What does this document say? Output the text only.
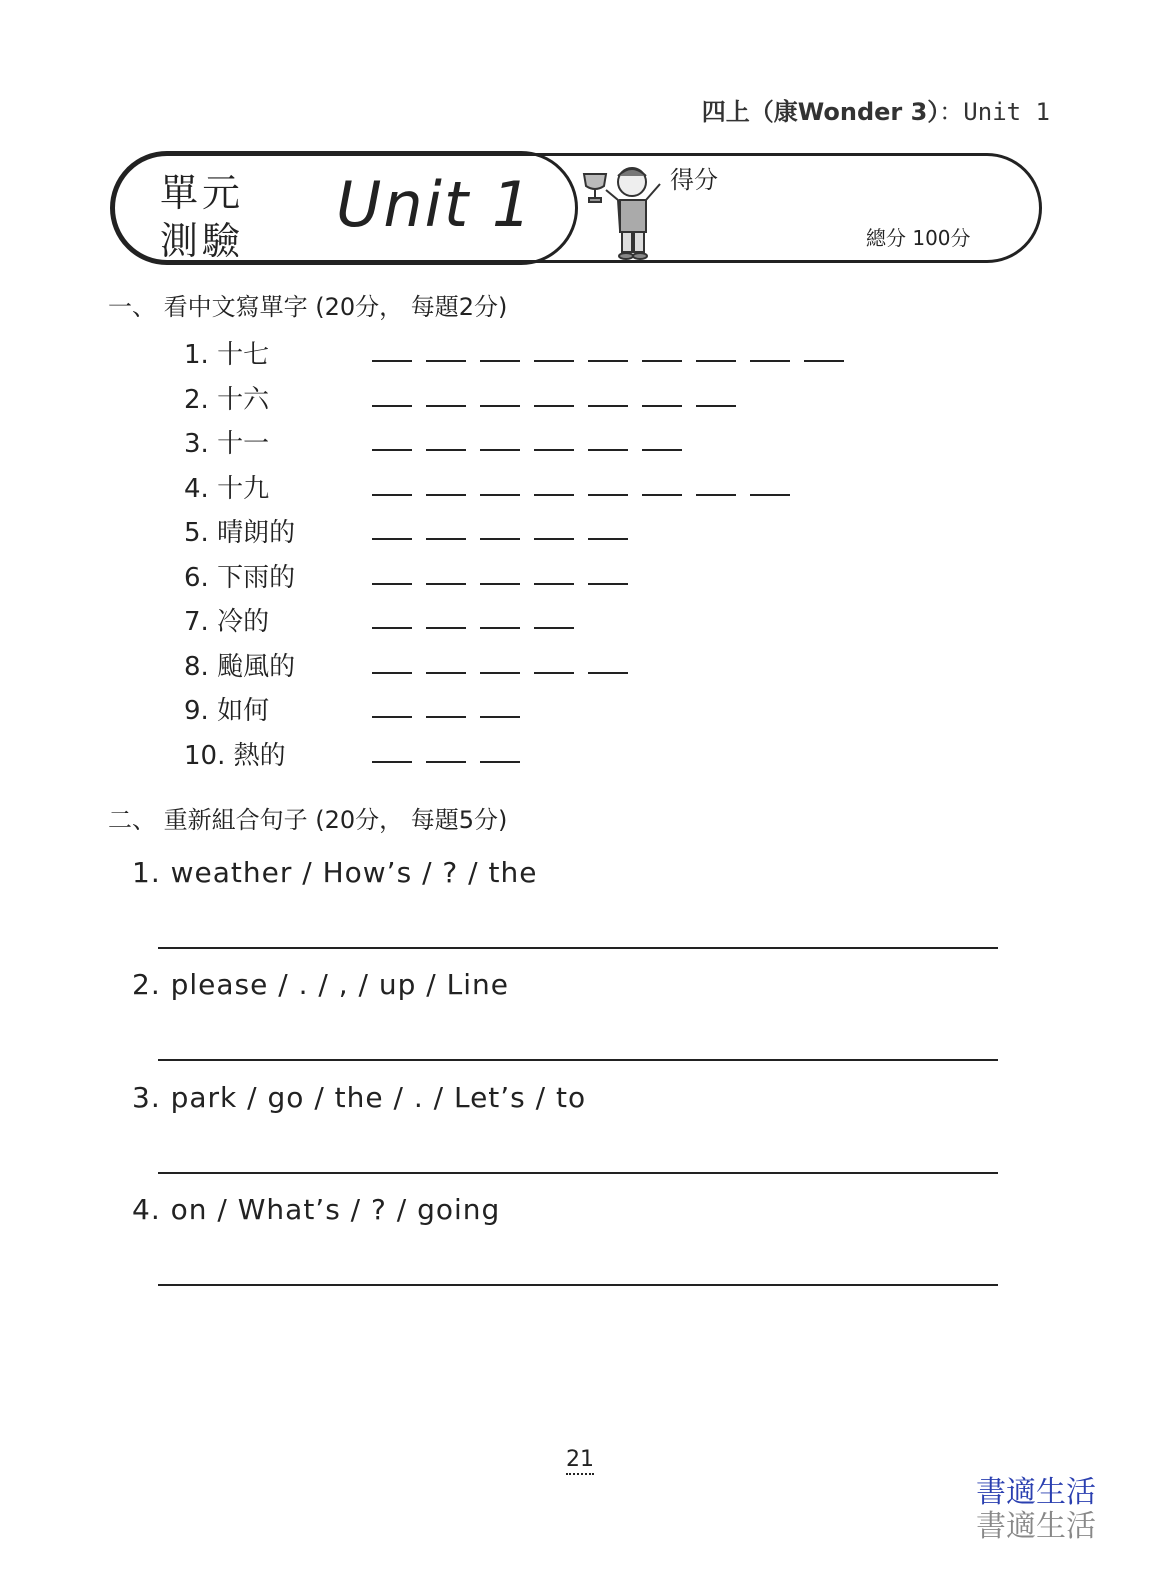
四上（康Wonder 3）：Unit 1
單元
測驗 Unit 1	得分
總分 100分
一、 看中文寫單字 (20分， 每題2分)
1. 十七
2. 十六
3. 十一
4. 十九
5. 晴朗的
6. 下雨的
7. 冷的
8. 颱風的
9. 如何
10. 熱的
二、 重新組合句子 (20分， 每題5分)
1. weather / How’s / ? / the
2. please / . / , / up / Line
3. park / go / the / . / Let’s / to
4. on / What’s / ? / going
21
書適生活
書適生活
